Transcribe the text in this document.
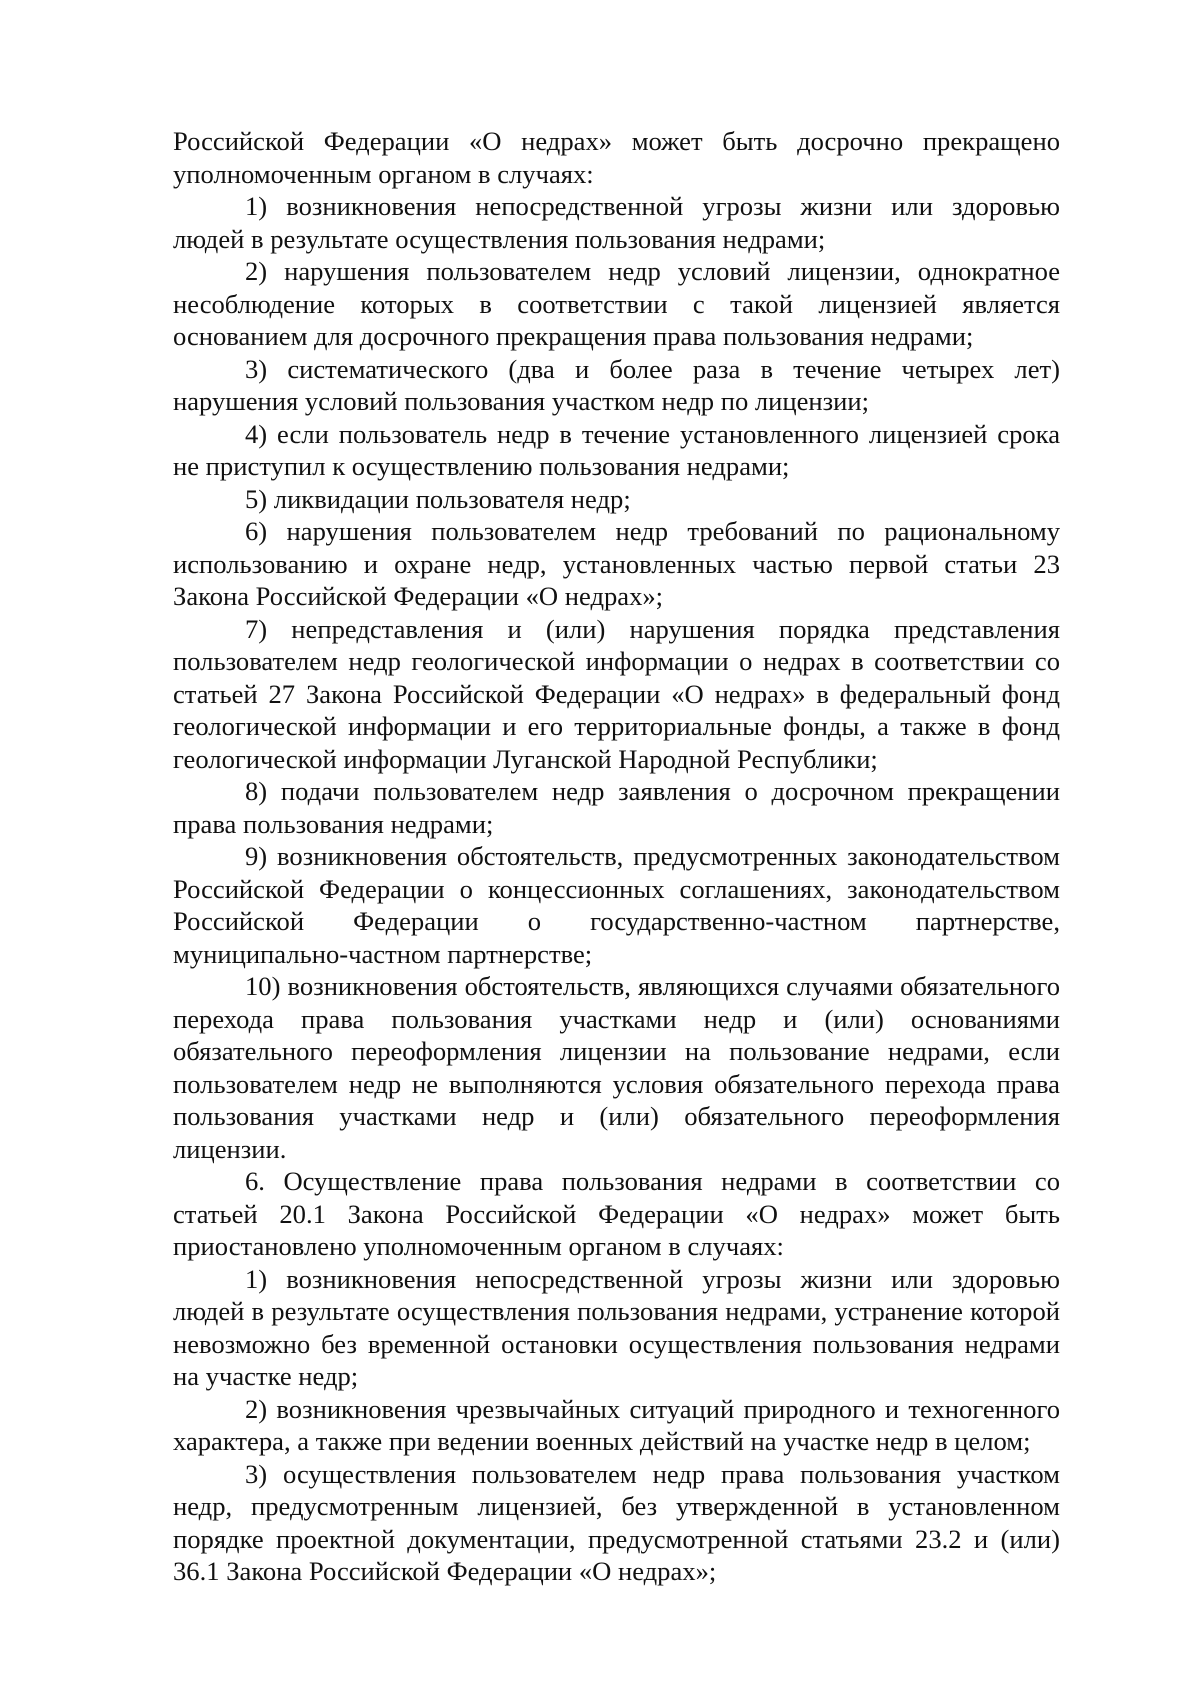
Российской Федерации «О недрах» может быть досрочно прекращено уполномоченным органом в случаях:

1) возникновения непосредственной угрозы жизни или здоровью людей в результате осуществления пользования недрами;

2) нарушения пользователем недр условий лицензии, однократное несоблюдение которых в соответствии с такой лицензией является основанием для досрочного прекращения права пользования недрами;

3) систематического (два и более раза в течение четырех лет) нарушения условий пользования участком недр по лицензии;

4) если пользователь недр в течение установленного лицензией срока не приступил к осуществлению пользования недрами;

5) ликвидации пользователя недр;

6) нарушения пользователем недр требований по рациональному использованию и охране недр, установленных частью первой статьи 23 Закона Российской Федерации «О недрах»;

7) непредставления и (или) нарушения порядка представления пользователем недр геологической информации о недрах в соответствии со статьей 27 Закона Российской Федерации «О недрах» в федеральный фонд геологической информации и его территориальные фонды, а также в фонд геологической информации Луганской Народной Республики;

8) подачи пользователем недр заявления о досрочном прекращении права пользования недрами;

9) возникновения обстоятельств, предусмотренных законодательством Российской Федерации о концессионных соглашениях, законодательством Российской Федерации о государственно-частном партнерстве, муниципально-частном партнерстве;

10) возникновения обстоятельств, являющихся случаями обязательного перехода права пользования участками недр и (или) основаниями обязательного переоформления лицензии на пользование недрами, если пользователем недр не выполняются условия обязательного перехода права пользования участками недр и (или) обязательного переоформления лицензии.

6. Осуществление права пользования недрами в соответствии со статьей 20.1 Закона Российской Федерации «О недрах» может быть приостановлено уполномоченным органом в случаях:

1) возникновения непосредственной угрозы жизни или здоровью людей в результате осуществления пользования недрами, устранение которой невозможно без временной остановки осуществления пользования недрами на участке недр;

2) возникновения чрезвычайных ситуаций природного и техногенного характера, а также при ведении военных действий на участке недр в целом;

3) осуществления пользователем недр права пользования участком недр, предусмотренным лицензией, без утвержденной в установленном порядке проектной документации, предусмотренной статьями 23.2 и (или) 36.1 Закона Российской Федерации «О недрах»;
